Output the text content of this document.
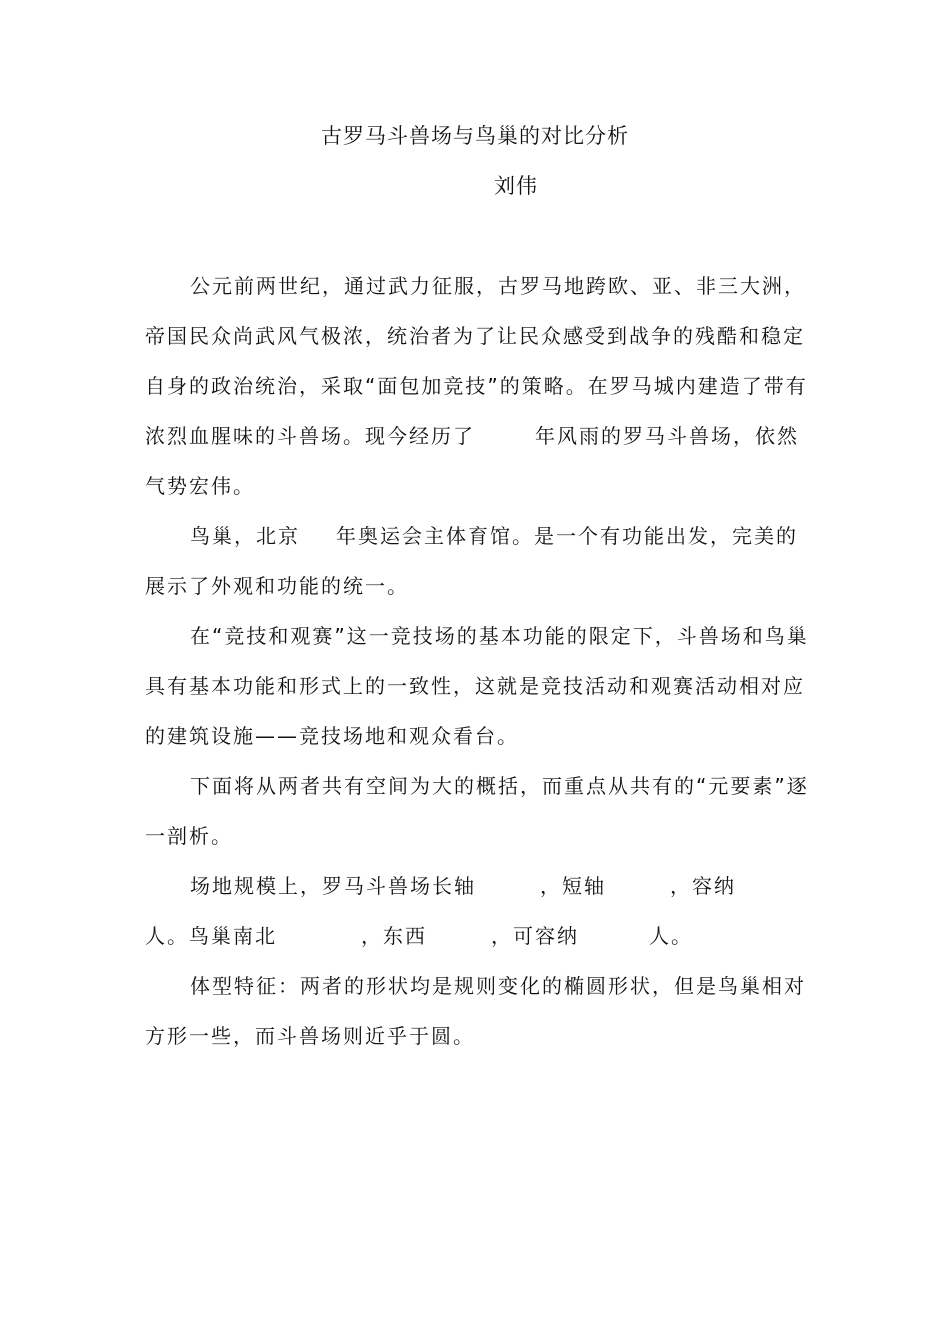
古罗马斗兽场与鸟巢的对比分析
刘伟
公元前两世纪，通过武力征服，古罗马地跨欧、亚、非三大洲，
帝国民众尚武风气极浓，统治者为了让民众感受到战争的残酷和稳定
自身的政治统治，采取“面包加竞技”的策略。在罗马城内建造了带有
浓烈血腥味的斗兽场。现今经历了	年风雨的罗马斗兽场，依然
气势宏伟。
鸟巢，北京 年奥运会主体育馆。是一个有功能出发，完美的
展示了外观和功能的统一。
在“竞技和观赛”这一竞技场的基本功能的限定下，斗兽场和鸟巢
具有基本功能和形式上的一致性，这就是竞技活动和观赛活动相对应
的建筑设施——竞技场地和观众看台。
下面将从两者共有空间为大的概括，而重点从共有的“元要素”逐
一剖析。
场地规模上，罗马斗兽场长轴	，短轴	，容纳
人。鸟巢南北	，东西	，可容纳	人。
体型特征：两者的形状均是规则变化的椭圆形状，但是鸟巢相对
方形一些，而斗兽场则近乎于圆。
